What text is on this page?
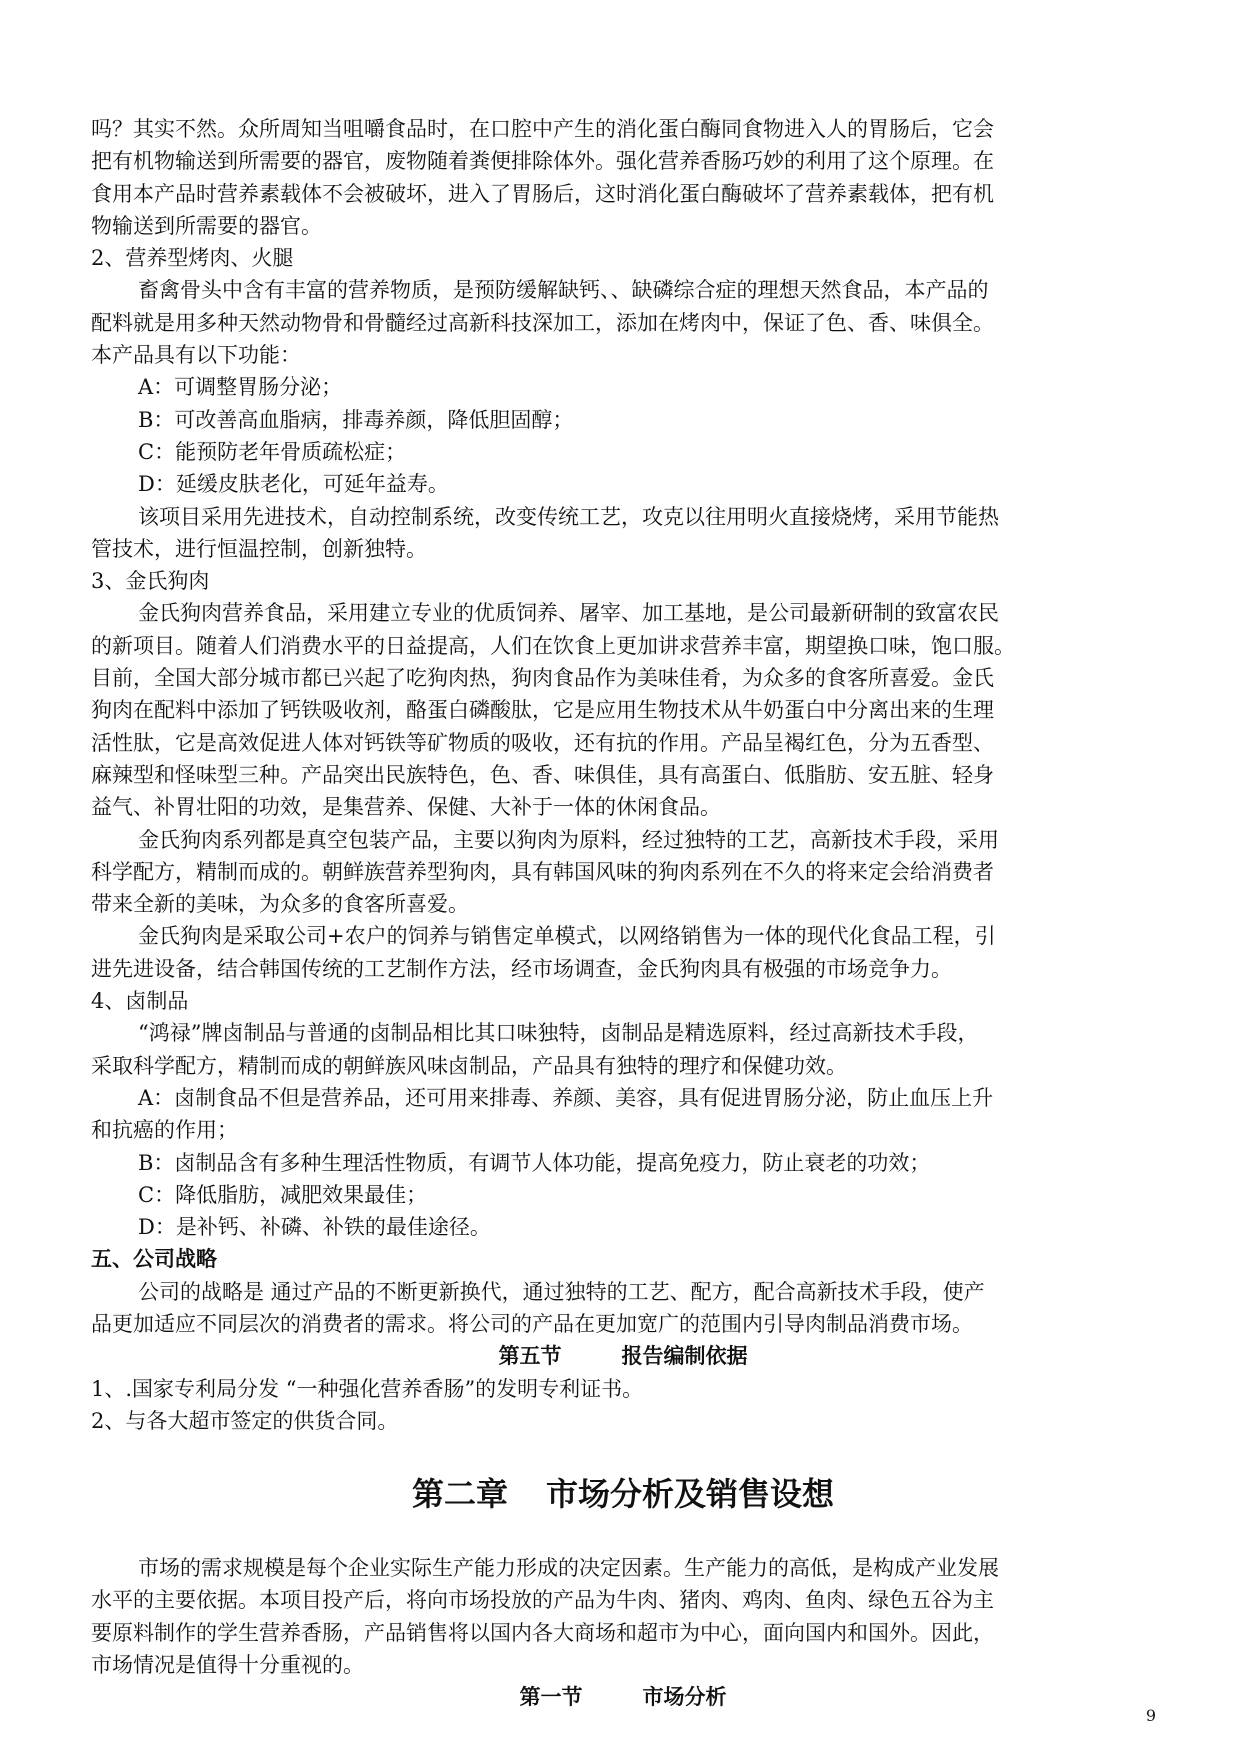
吗？其实不然。众所周知当咀嚼食品时，在口腔中产生的消化蛋白酶同食物进入人的胃肠后，它会

把有机物输送到所需要的器官，废物随着粪便排除体外。强化营养香肠巧妙的利用了这个原理。在

食用本产品时营养素载体不会被破坏，进入了胃肠后，这时消化蛋白酶破坏了营养素载体，把有机

物输送到所需要的器官。

2、营养型烤肉、火腿

畜禽骨头中含有丰富的营养物质，是预防缓解缺钙、、缺磷综合症的理想天然食品，本产品的

配料就是用多种天然动物骨和骨髓经过高新科技深加工，添加在烤肉中，保证了色、香、味俱全。

本产品具有以下功能：

A：可调整胃肠分泌；

B：可改善高血脂病，排毒养颜，降低胆固醇；

C：能预防老年骨质疏松症；

D：延缓皮肤老化，可延年益寿。

该项目采用先进技术，自动控制系统，改变传统工艺，攻克以往用明火直接烧烤，采用节能热

管技术，进行恒温控制，创新独特。

3、金氏狗肉

金氏狗肉营养食品，采用建立专业的优质饲养、屠宰、加工基地，是公司最新研制的致富农民

的新项目。随着人们消费水平的日益提高，人们在饮食上更加讲求营养丰富，期望换口味，饱口服。

目前，全国大部分城市都已兴起了吃狗肉热，狗肉食品作为美味佳肴，为众多的食客所喜爱。金氏

狗肉在配料中添加了钙铁吸收剂，酪蛋白磷酸肽，它是应用生物技术从牛奶蛋白中分离出来的生理

活性肽，它是高效促进人体对钙铁等矿物质的吸收，还有抗的作用。产品呈褐红色，分为五香型、

麻辣型和怪味型三种。产品突出民族特色，色、香、味俱佳，具有高蛋白、低脂肪、安五脏、轻身

益气、补胃壮阳的功效，是集营养、保健、大补于一体的休闲食品。

金氏狗肉系列都是真空包装产品，主要以狗肉为原料，经过独特的工艺，高新技术手段，采用

科学配方，精制而成的。朝鲜族营养型狗肉，具有韩国风味的狗肉系列在不久的将来定会给消费者

带来全新的美味，为众多的食客所喜爱。

金氏狗肉是采取公司+农户的饲养与销售定单模式，以网络销售为一体的现代化食品工程，引

进先进设备，结合韩国传统的工艺制作方法，经市场调查，金氏狗肉具有极强的市场竞争力。

4、卤制品

“鸿禄”牌卤制品与普通的卤制品相比其口味独特，卤制品是精选原料，经过高新技术手段，

采取科学配方，精制而成的朝鲜族风味卤制品，产品具有独特的理疗和保健功效。

A：卤制食品不但是营养品，还可用来排毒、养颜、美容，具有促进胃肠分泌，防止血压上升

和抗癌的作用；

B：卤制品含有多种生理活性物质，有调节人体功能，提高免疫力，防止衰老的功效；

C：降低脂肪，减肥效果最佳；

D：是补钙、补磷、补铁的最佳途径。

五、公司战略

公司的战略是 通过产品的不断更新换代，通过独特的工艺、配方，配合高新技术手段，使产

品更加适应不同层次的消费者的需求。将公司的产品在更加宽广的范围内引导肉制品消费市场。

第五节	报告编制依据

1、.国家专利局分发 “一种强化营养香肠”的发明专利证书。

2、与各大超市签定的供货合同。

第二章 市场分析及销售设想

市场的需求规模是每个企业实际生产能力形成的决定因素。生产能力的高低，是构成产业发展

水平的主要依据。本项目投产后，将向市场投放的产品为牛肉、猪肉、鸡肉、鱼肉、绿色五谷为主

要原料制作的学生营养香肠，产品销售将以国内各大商场和超市为中心，面向国内和国外。因此，

市场情况是值得十分重视的。

第一节	市场分析

9
